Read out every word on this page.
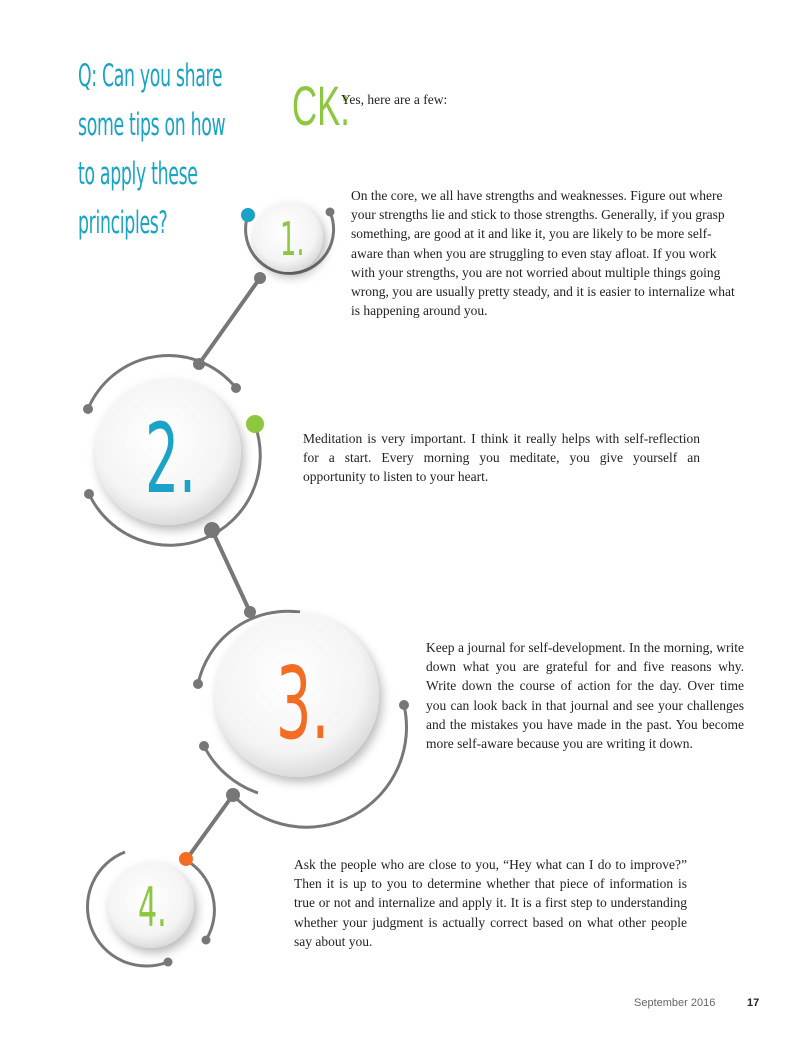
1.
2.
3.
4.
Q: Can you share
some tips on how
to apply these
principles?
CK:
Yes, here are a few:
On the core, we all have strengths and weaknesses. Figure out where your strengths lie and stick to those strengths. Generally, if you grasp something, are good at it and like it, you are likely to be more self-aware than when you are struggling to even stay afloat. If you work with your strengths, you are not worried about multiple things going wrong, you are usually pretty steady, and it is easier to internalize what is happening around you.
Meditation is very important. I think it really helps with self-reflection for a start. Every morning you meditate, you give yourself an opportunity to listen to your heart.
Keep a journal for self-development. In the morning, write down what you are grateful for and five reasons why. Write down the course of action for the day. Over time you can look back in that journal and see your challenges and the mistakes you have made in the past. You become more self-aware because you are writing it down.
Ask the people who are close to you, “Hey what can I do to improve?” Then it is up to you to determine whether that piece of information is true or not and internalize and apply it. It is a first step to understanding whether your judgment is actually correct based on what other people say about you.
September 2016	17
